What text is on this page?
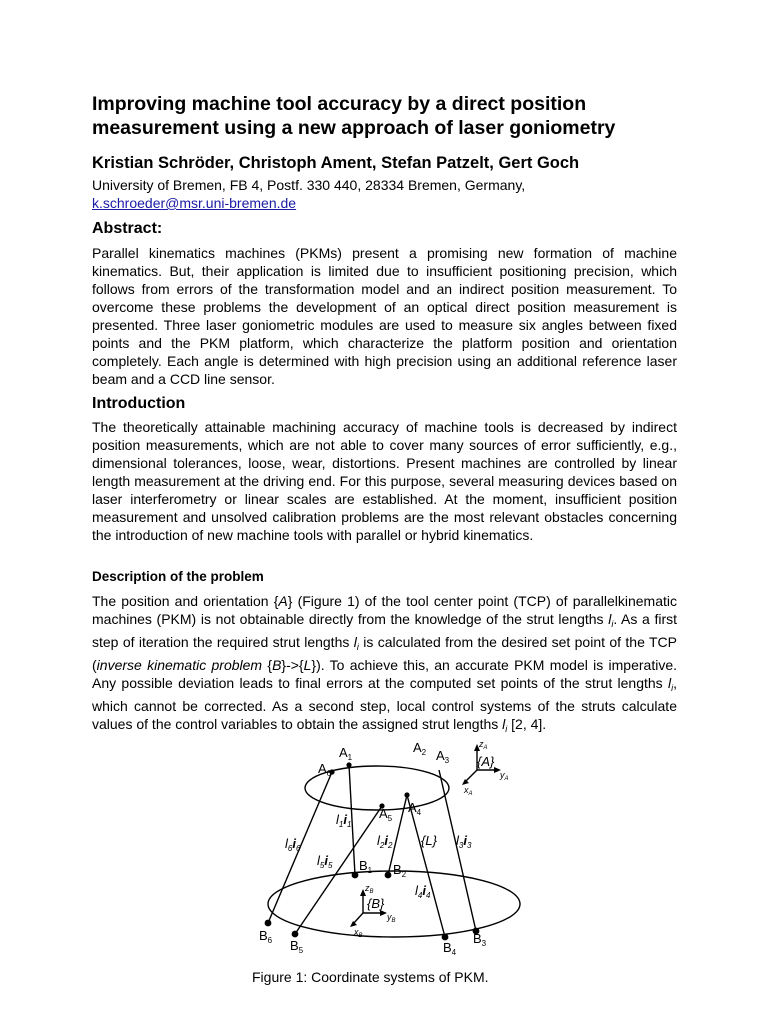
Improving machine tool accuracy by a direct position
measurement using a new approach of laser goniometry
Kristian Schröder, Christoph Ament, Stefan Patzelt, Gert Goch
University of Bremen, FB 4, Postf. 330 440, 28334 Bremen, Germany,
k.schroeder@msr.uni-bremen.de
Abstract:

Parallel kinematics machines (PKMs) present a promising new formation of machine kinematics. But, their application is limited due to insufficient positioning precision, which follows from errors of the transformation model and an indirect position measurement. To overcome these problems the development of an optical direct position measurement is presented. Three laser goniometric modules are used to measure six angles between fixed points and the PKM platform, which characterize the platform position and orientation completely. Each angle is determined with high precision using an additional reference laser beam and a CCD line sensor.

Introduction

The theoretically attainable machining accuracy of machine tools is decreased by indirect position measurements, which are not able to cover many sources of error sufficiently, e.g., dimensional tolerances, loose, wear, distortions. Present machines are controlled by linear length measurement at the driving end. For this purpose, several measuring devices based on laser interferometry or linear scales are established. At the moment, insufficient position measurement and unsolved calibration problems are the most relevant obstacles concerning the introduction of new machine tools with parallel or hybrid kinematics.

Description of the problem

The position and orientation {A} (Figure 1) of the tool center point (TCP) of parallelkinematic machines (PKM) is not obtainable directly from the knowledge of the strut lengths $l_i$. As a first step of iteration the required strut lengths $l_i$ is calculated from the desired set point of the TCP (inverse kinematic problem {B}->{L}). To achieve this, an accurate PKM model is imperative. Any possible deviation leads to final errors at the computed set points of the strut lengths $l_i$, which cannot be corrected. As a second step, local control systems of the struts calculate values of the control variables to obtain the assigned strut lengths $l_i$ [2, 4].

$A_1$
$A_2$ $A_3$
$A_4$
$A_5$
$A_6$
$B_1$ $B_2$
$B_3$
$B_4$
$B_5$
$B_6$
$l_1i_1$
$l_2i_2$	$l_3i_3$
$l_4i_4$
$l_5i_5$
$l_6i_6$
{A}
{L}
{B}
$z_A$
$y_A$
$x_A$
$z_B$
$y_B$
$x_B$
Figure 1: Coordinate systems of PKM.
